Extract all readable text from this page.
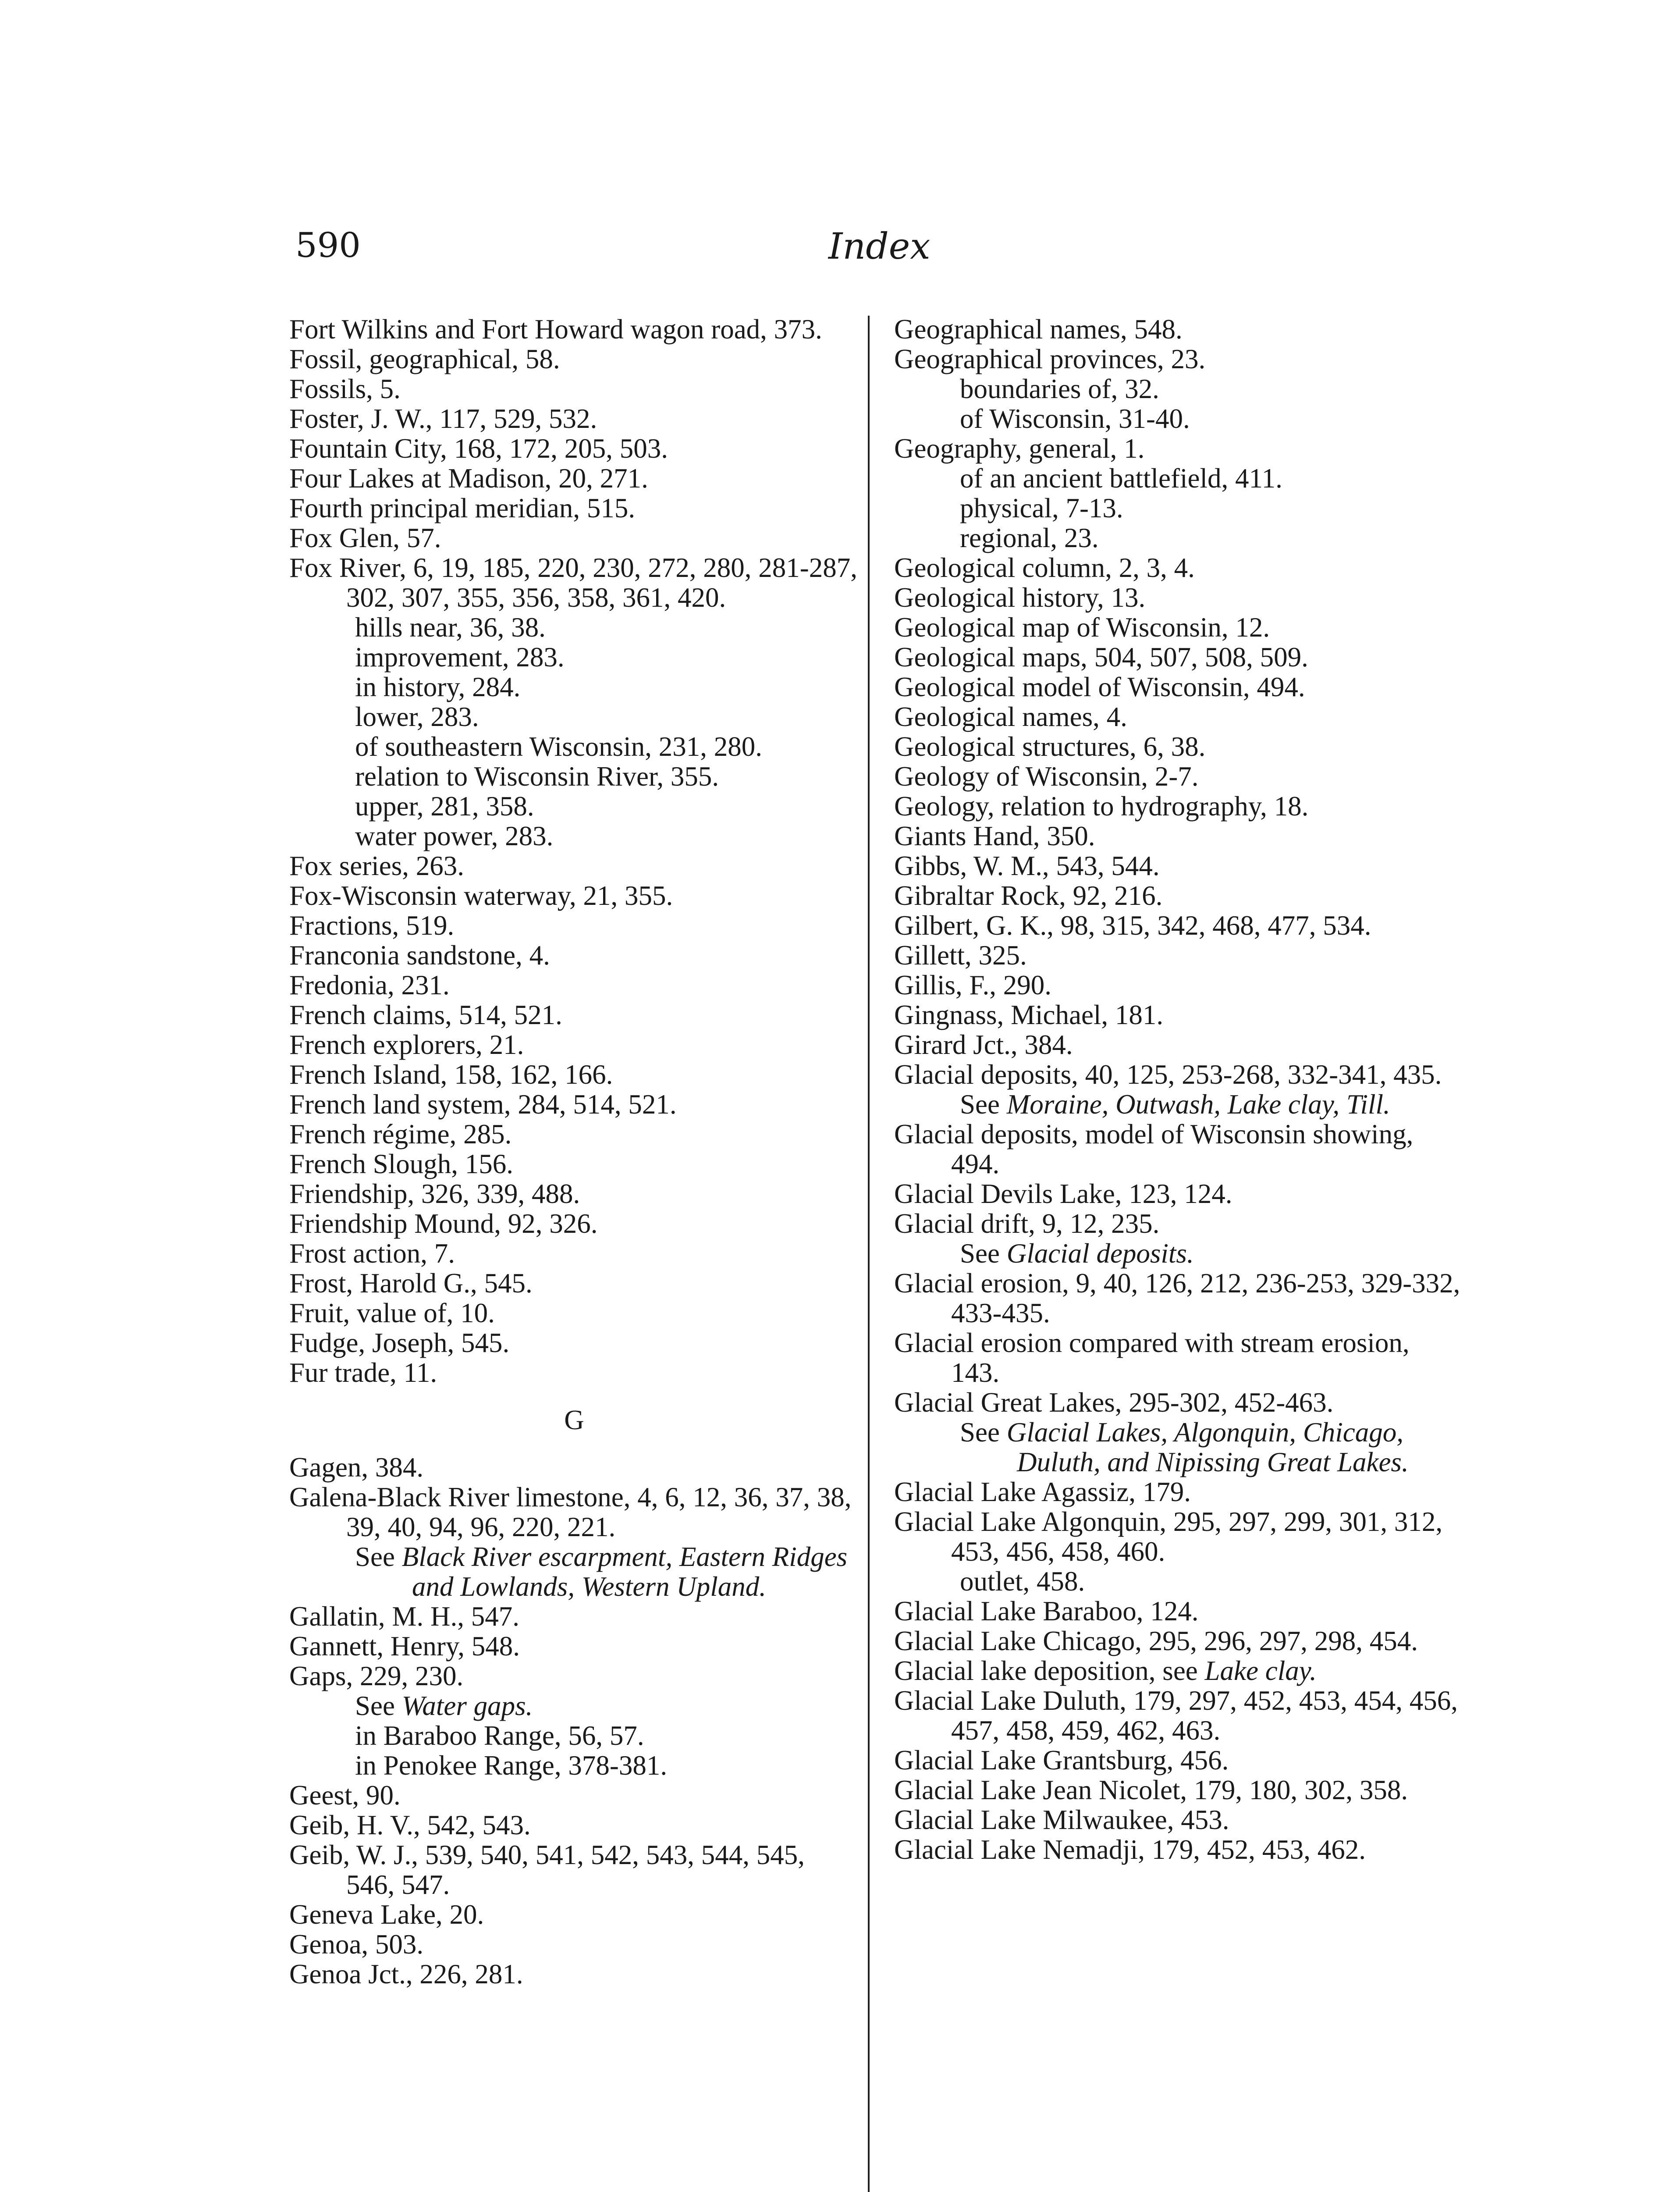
590	Index
Fort Wilkins and Fort Howard wagon road, 373.
Fossil, geographical, 58.
Fossils, 5.
Foster, J. W., 117, 529, 532.
Fountain City, 168, 172, 205, 503.
Four Lakes at Madison, 20, 271.
Fourth principal meridian, 515.
Fox Glen, 57.
Fox River, 6, 19, 185, 220, 230, 272, 280, 281-287, 302, 307, 355, 356, 358, 361, 420.
hills near, 36, 38.
improvement, 283.
in history, 284.
lower, 283.
of southeastern Wisconsin, 231, 280.
relation to Wisconsin River, 355.
upper, 281, 358.
water power, 283.
Fox series, 263.
Fox-Wisconsin waterway, 21, 355.
Fractions, 519.
Franconia sandstone, 4.
Fredonia, 231.
French claims, 514, 521.
French explorers, 21.
French Island, 158, 162, 166.
French land system, 284, 514, 521.
French régime, 285.
French Slough, 156.
Friendship, 326, 339, 488.
Friendship Mound, 92, 326.
Frost action, 7.
Frost, Harold G., 545.
Fruit, value of, 10.
Fudge, Joseph, 545.
Fur trade, 11.
G
Gagen, 384.
Galena-Black River limestone, 4, 6, 12, 36, 37, 38, 39, 40, 94, 96, 220, 221.
See Black River escarpment, Eastern Ridges and Lowlands, Western Upland.
Gallatin, M. H., 547.
Gannett, Henry, 548.
Gaps, 229, 230.
See Water gaps.
in Baraboo Range, 56, 57.
in Penokee Range, 378-381.
Geest, 90.
Geib, H. V., 542, 543.
Geib, W. J., 539, 540, 541, 542, 543, 544, 545, 546, 547.
Geneva Lake, 20.
Genoa, 503.
Genoa Jct., 226, 281.
Geographical names, 548.
Geographical provinces, 23.
boundaries of, 32.
of Wisconsin, 31-40.
Geography, general, 1.
of an ancient battlefield, 411.
physical, 7-13.
regional, 23.
Geological column, 2, 3, 4.
Geological history, 13.
Geological map of Wisconsin, 12.
Geological maps, 504, 507, 508, 509.
Geological model of Wisconsin, 494.
Geological names, 4.
Geological structures, 6, 38.
Geology of Wisconsin, 2-7.
Geology, relation to hydrography, 18.
Giants Hand, 350.
Gibbs, W. M., 543, 544.
Gibraltar Rock, 92, 216.
Gilbert, G. K., 98, 315, 342, 468, 477, 534.
Gillett, 325.
Gillis, F., 290.
Gingnass, Michael, 181.
Girard Jct., 384.
Glacial deposits, 40, 125, 253-268, 332-341, 435.
See Moraine, Outwash, Lake clay, Till.
Glacial deposits, model of Wisconsin showing, 494.
Glacial Devils Lake, 123, 124.
Glacial drift, 9, 12, 235.
See Glacial deposits.
Glacial erosion, 9, 40, 126, 212, 236-253, 329-332, 433-435.
Glacial erosion compared with stream erosion, 143.
Glacial Great Lakes, 295-302, 452-463.
See Glacial Lakes, Algonquin, Chicago, Duluth, and Nipissing Great Lakes.
Glacial Lake Agassiz, 179.
Glacial Lake Algonquin, 295, 297, 299, 301, 312, 453, 456, 458, 460.
outlet, 458.
Glacial Lake Baraboo, 124.
Glacial Lake Chicago, 295, 296, 297, 298, 454.
Glacial lake deposition, see Lake clay.
Glacial Lake Duluth, 179, 297, 452, 453, 454, 456, 457, 458, 459, 462, 463.
Glacial Lake Grantsburg, 456.
Glacial Lake Jean Nicolet, 179, 180, 302, 358.
Glacial Lake Milwaukee, 453.
Glacial Lake Nemadji, 179, 452, 453, 462.
